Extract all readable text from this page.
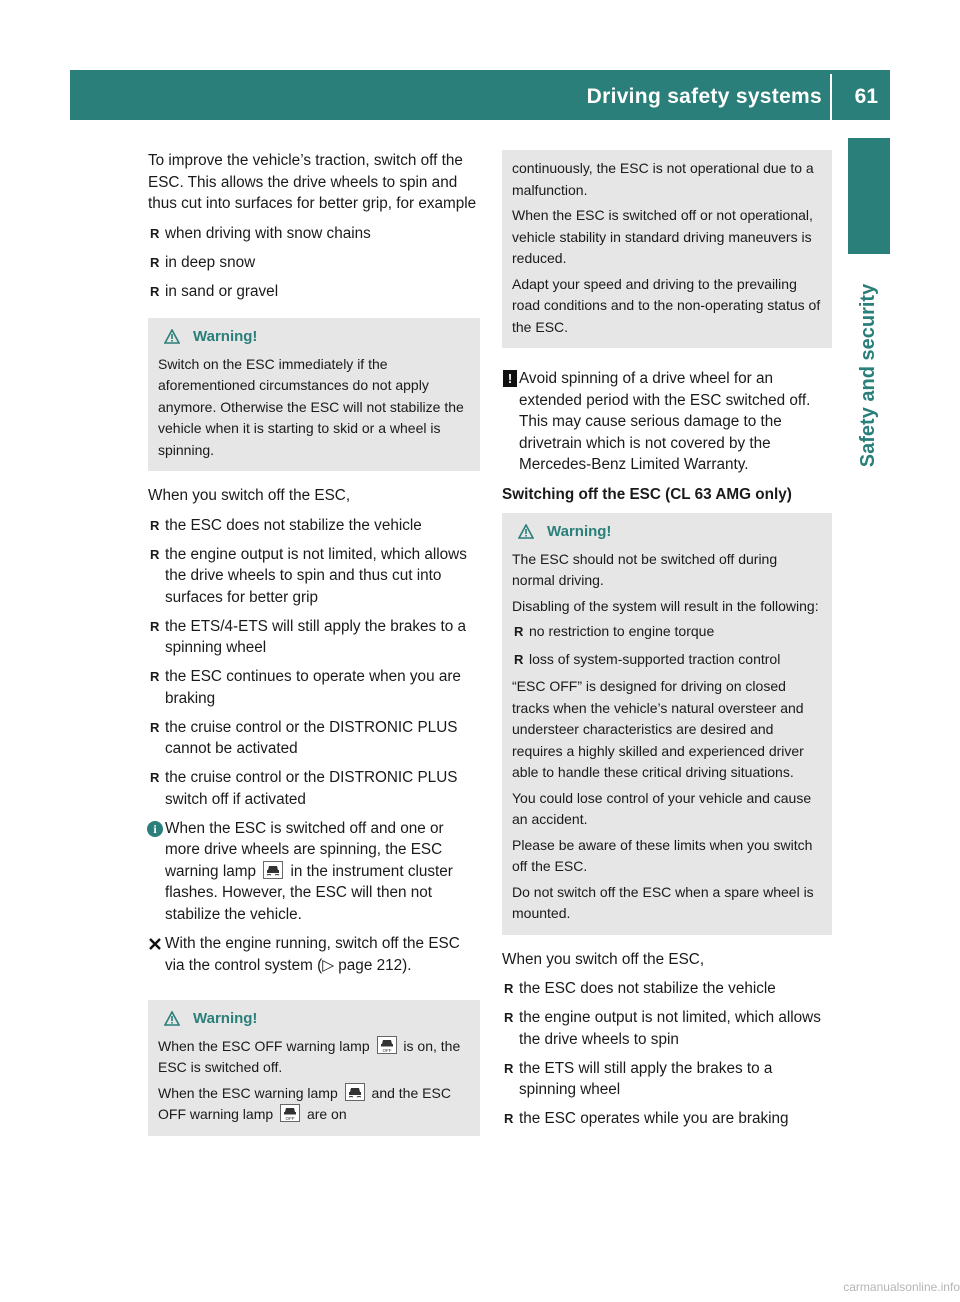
Driving safety systems 61
Safety and security

To improve the vehicle’s traction, switch off the ESC. This allows the drive wheels to spin and thus cut into surfaces for better grip, for example

R when driving with snow chains

R in deep snow

R in sand or gravel

Warning!

Switch on the ESC immediately if the aforementioned circumstances do not apply anymore. Otherwise the ESC will not stabilize the vehicle when it is starting to skid or a wheel is spinning.

When you switch off the ESC,

R the ESC does not stabilize the vehicle

R the engine output is not limited, which allows the drive wheels to spin and thus cut into surfaces for better grip

R the ETS/4-ETS will still apply the brakes to a spinning wheel

R the ESC continues to operate when you are braking

R the cruise control or the DISTRONIC PLUS cannot be activated

R the cruise control or the DISTRONIC PLUS switch off if activated

i When the ESC is switched off and one or more drive wheels are spinning, the ESC warning lamp in the instrument cluster flashes. However, the ESC will then not stabilize the vehicle.

With the engine running, switch off the ESC via the control system (▷ page 212).

Warning!

When the ESC OFF warning lamp	OFF is on, the ESC is switched off.

When the ESC warning lamp and the ESC OFF warning lamp	OFF are on

continuously, the ESC is not operational due to a malfunction.

When the ESC is switched off or not operational, vehicle stability in standard driving maneuvers is reduced.

Adapt your speed and driving to the prevailing road conditions and to the non-operating status of the ESC.

! Avoid spinning of a drive wheel for an extended period with the ESC switched off. This may cause serious damage to the drivetrain which is not covered by the Mercedes-Benz Limited Warranty.

Switching off the ESC (CL 63 AMG only)

Warning!

The ESC should not be switched off during normal driving.

Disabling of the system will result in the following:

R no restriction to engine torque

R loss of system-supported traction control

“ESC OFF” is designed for driving on closed tracks when the vehicle’s natural oversteer and understeer characteristics are desired and requires a highly skilled and experienced driver able to handle these critical driving situations.

You could lose control of your vehicle and cause an accident.

Please be aware of these limits when you switch off the ESC.

Do not switch off the ESC when a spare wheel is mounted.

When you switch off the ESC,

R the ESC does not stabilize the vehicle

R the engine output is not limited, which allows the drive wheels to spin

R the ETS will still apply the brakes to a spinning wheel

R the ESC operates while you are braking

carmanualsonline.info
